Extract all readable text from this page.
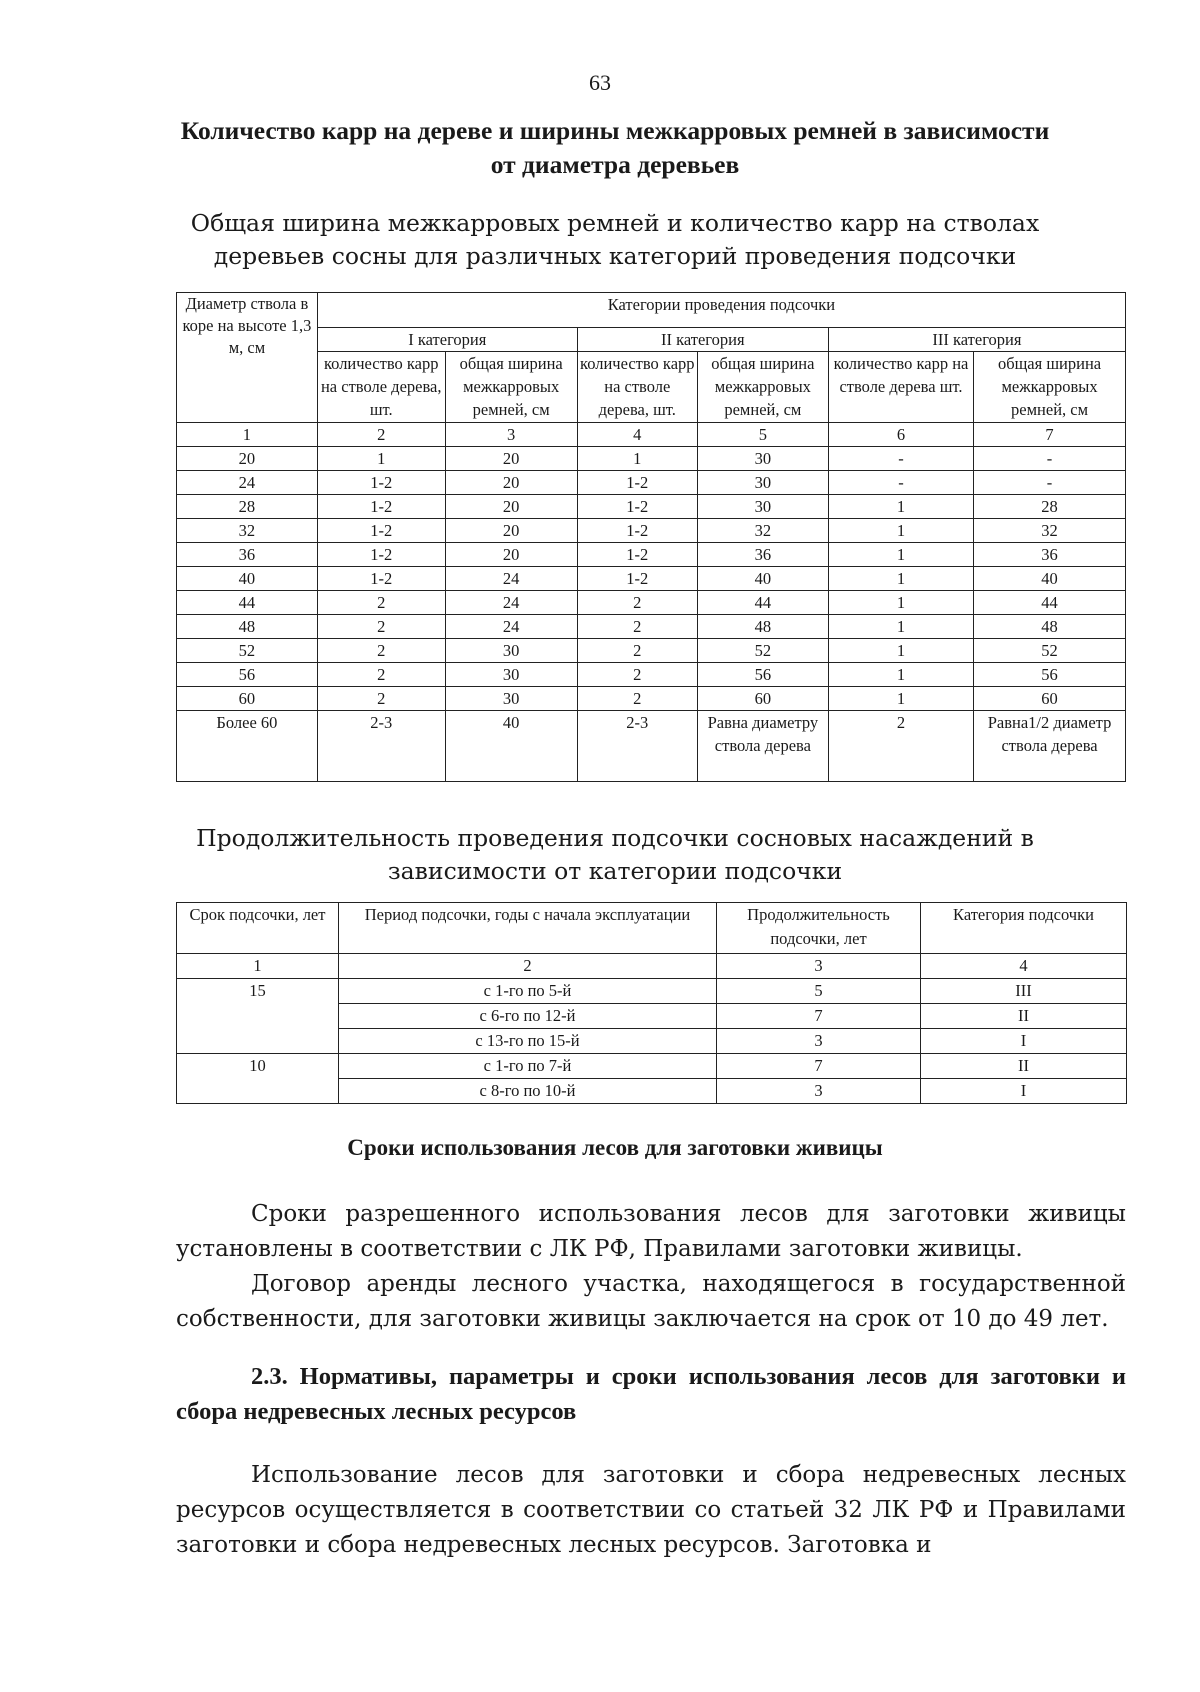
63
Количество карр на дереве и ширины межкарровых ремней в зависимости от диаметра деревьев
Общая ширина межкарровых ремней и количество карр на стволах деревьев сосны для различных категорий проведения подсочки
Диаметр ствола в коре на высоте 1,3 м, см	Категории проведения подсочки					
	I категория		II категория		III категория	
	количество карр на стволе дерева, шт.	общая ширина межкарровых ремней, см	количество карр на стволе дерева, шт.	общая ширина межкарровых ремней, см	количество карр на стволе дерева шт.	общая ширина межкарровых ремней, см
1	2	3	4	5	6	7
20	1	20	1	30	-	-
24	1-2	20	1-2	30	-	-
28	1-2	20	1-2	30	1	28
32	1-2	20	1-2	32	1	32
36	1-2	20	1-2	36	1	36
40	1-2	24	1-2	40	1	40
44	2	24	2	44	1	44
48	2	24	2	48	1	48
52	2	30	2	52	1	52
56	2	30	2	56	1	56
60	2	30	2	60	1	60
Более 60	2-3	40	2-3	Равна диаметру ствола дерева	2	Равна1/2 диаметр ствола дерева
Продолжительность проведения подсочки сосновых насаждений в зависимости от категории подсочки
Срок подсочки, лет	Период подсочки, годы с начала эксплуатации	Продолжительность подсочки, лет	Категория подсочки
1	2	3	4
15	с 1-го по 5-й	5	III
	с 6-го по 12-й	7	II
	с 13-го по 15-й	3	I
10	с 1-го по 7-й	7	II
	с 8-го по 10-й	3	I
Сроки использования лесов для заготовки живицы

Сроки разрешенного использования лесов для заготовки живицы установлены в соответствии с ЛК РФ, Правилами заготовки живицы.

Договор аренды лесного участка, находящегося в государственной собственности, для заготовки живицы заключается на срок от 10 до 49 лет.

2.3. Нормативы, параметры и сроки использования лесов для заготовки и сбора недревесных лесных ресурсов

Использование лесов для заготовки и сбора недревесных лесных ресурсов осуществляется в соответствии со статьей 32 ЛК РФ и Правилами заготовки и сбора недревесных лесных ресурсов. Заготовка и
